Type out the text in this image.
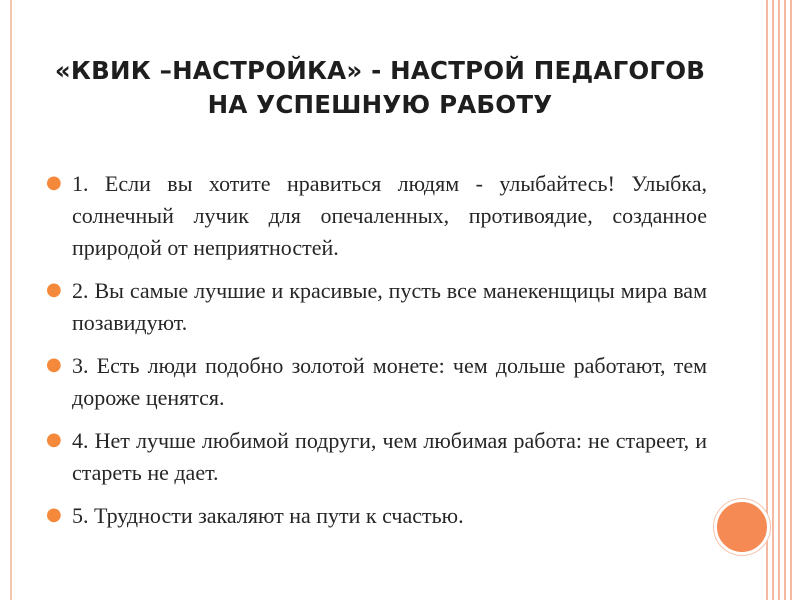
«КВИК –НАСТРОЙКА» - НАСТРОЙ ПЕДАГОГОВ НА УСПЕШНУЮ РАБОТУ
● 1. Если вы хотите нравиться людям - улыбайтесь! Улыбка, солнечный лучик для опечаленных, противоядие, созданное природой от неприятностей.
● 2. Вы самые лучшие и красивые, пусть все манекенщицы мира вам позавидуют.
● 3. Есть люди подобно золотой монете: чем дольше работают, тем дороже ценятся.
● 4. Нет лучше любимой подруги, чем любимая работа: не стареет, и стареть не дает.
● 5. Трудности закаляют на пути к счастью.
